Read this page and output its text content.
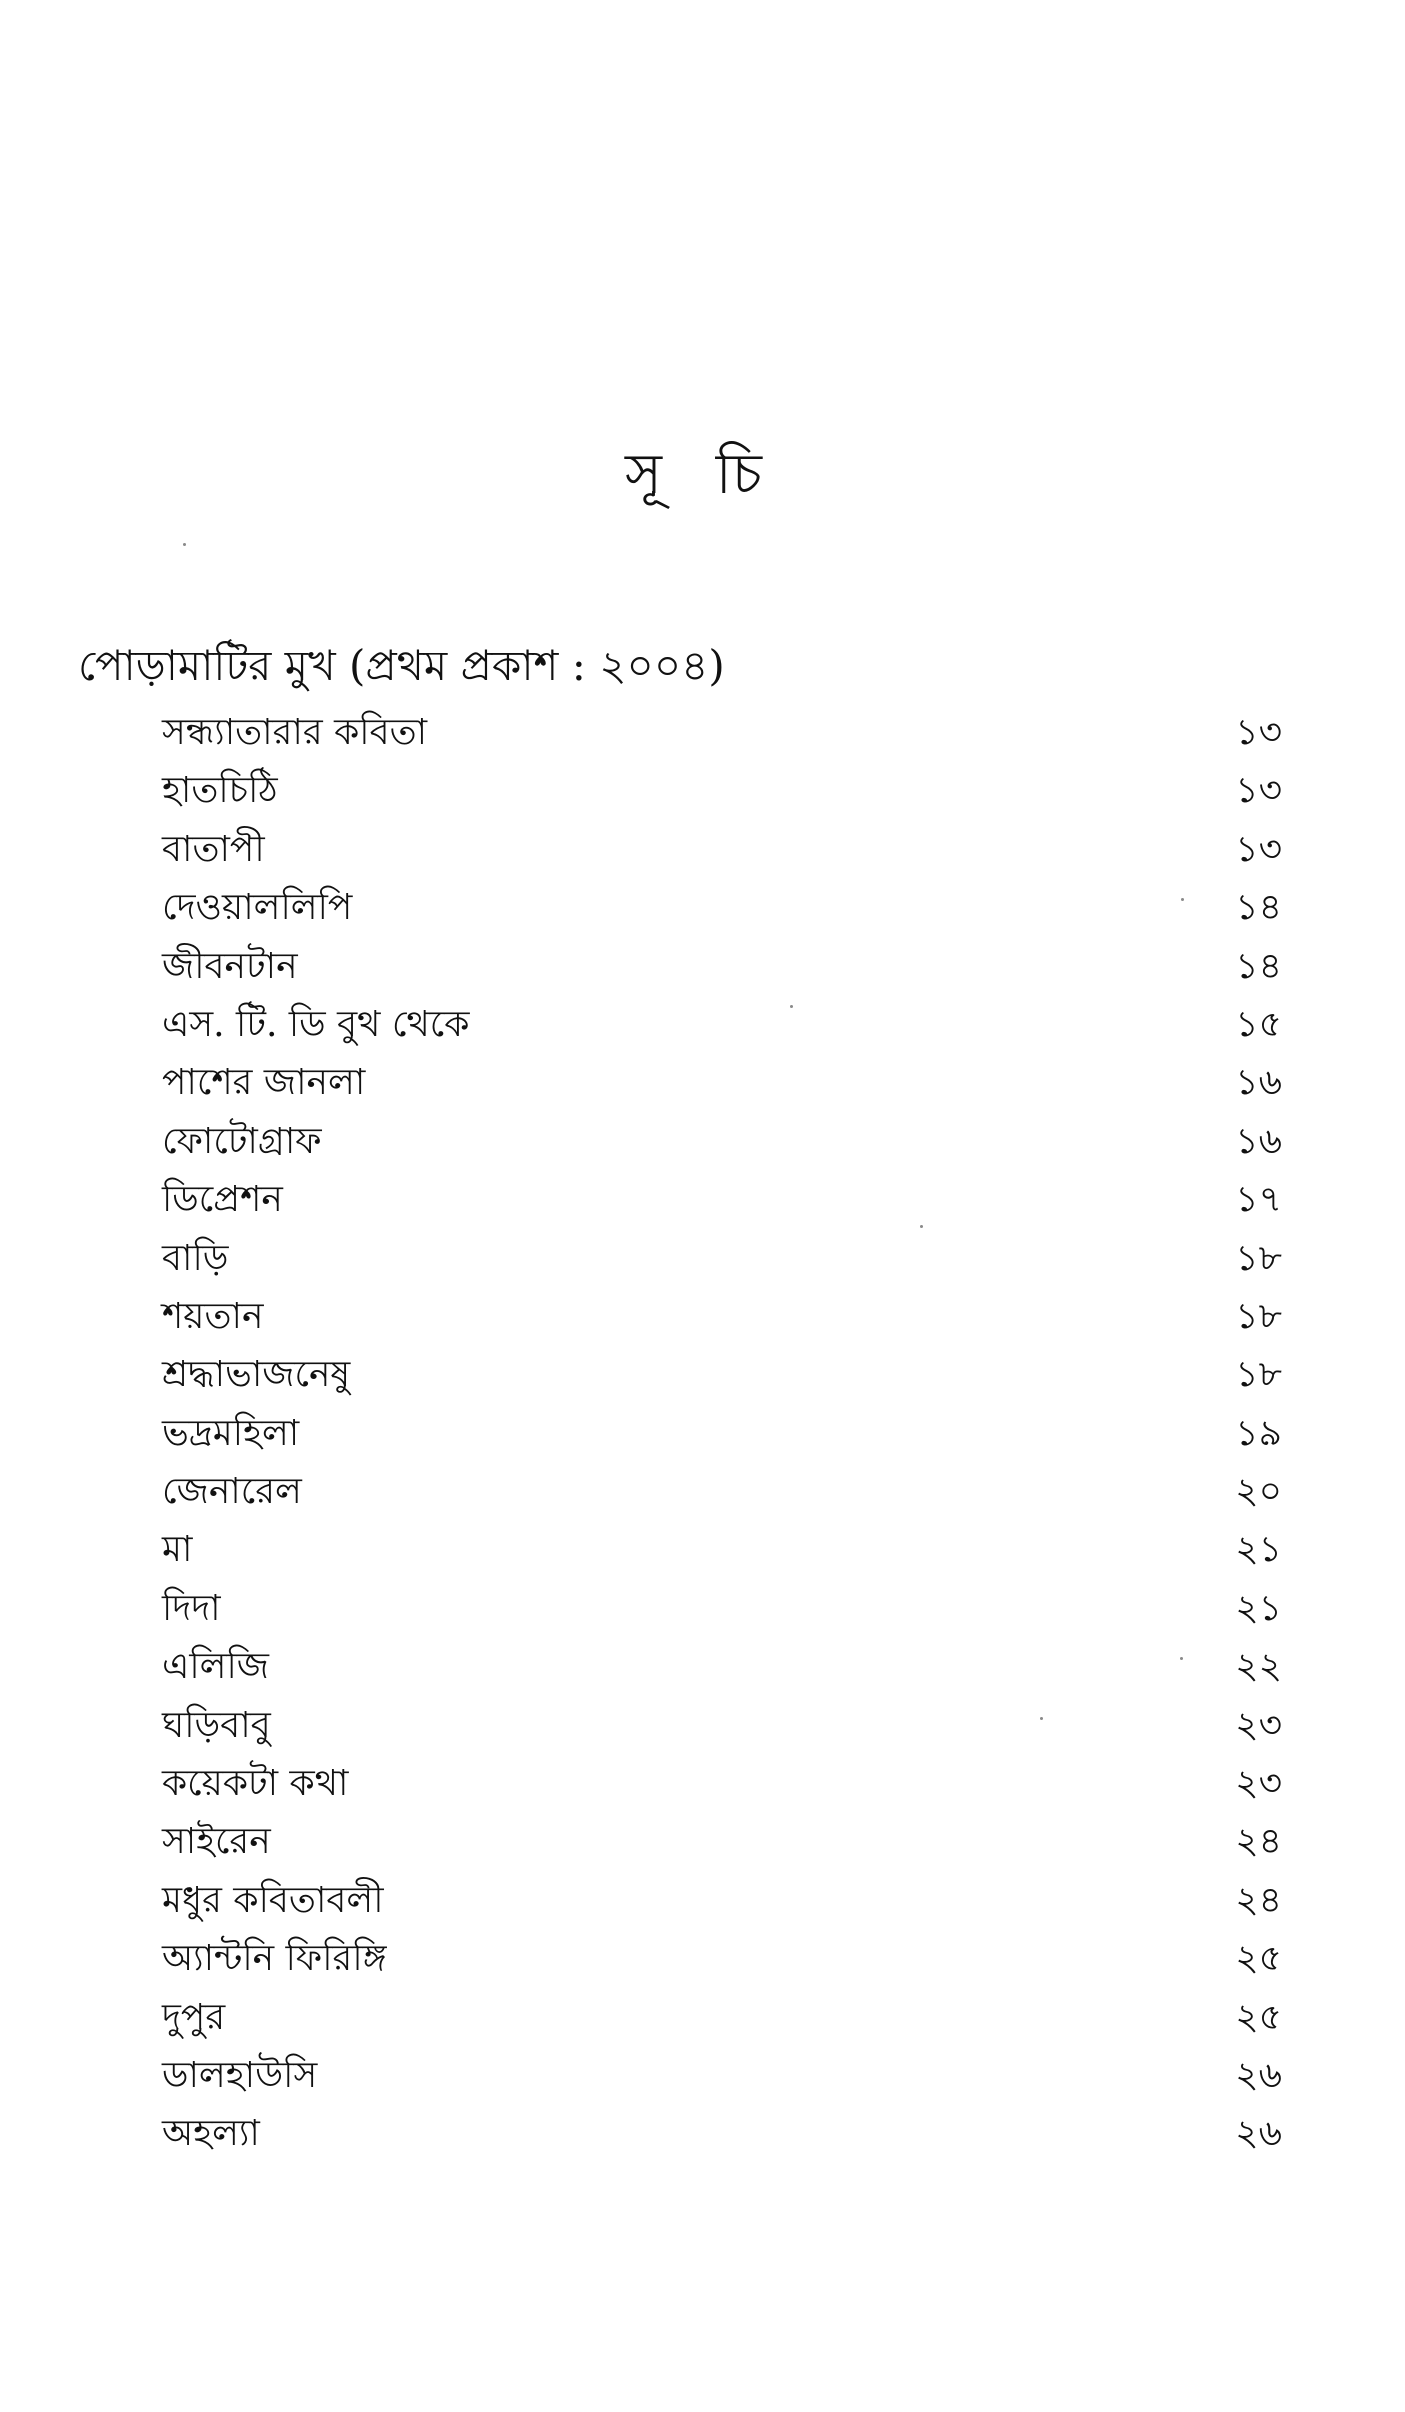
সূ চি
পোড়ামাটির মুখ (প্রথম প্রকাশ : ২০০৪)
সন্ধ্যাতারার কবিতা	১৩
হাতচিঠি	১৩
বাতাপী	১৩
দেওয়াললিপি	১৪
জীবনটান	১৪
এস. টি. ডি বুথ থেকে	১৫
পাশের জানলা	১৬
ফোটোগ্রাফ	১৬
ডিপ্রেশন	১৭
বাড়ি	১৮
শয়তান	১৮
শ্রদ্ধাভাজনেষু	১৮
ভদ্রমহিলা	১৯
জেনারেল	২০
মা	২১
দিদা	২১
এলিজি	২২
ঘড়িবাবু	২৩
কয়েকটা কথা	২৩
সাইরেন	২৪
মধুর কবিতাবলী	২৪
অ্যান্টনি ফিরিঙ্গি	২৫
দুপুর	২৫
ডালহাউসি	২৬
অহল্যা	২৬
